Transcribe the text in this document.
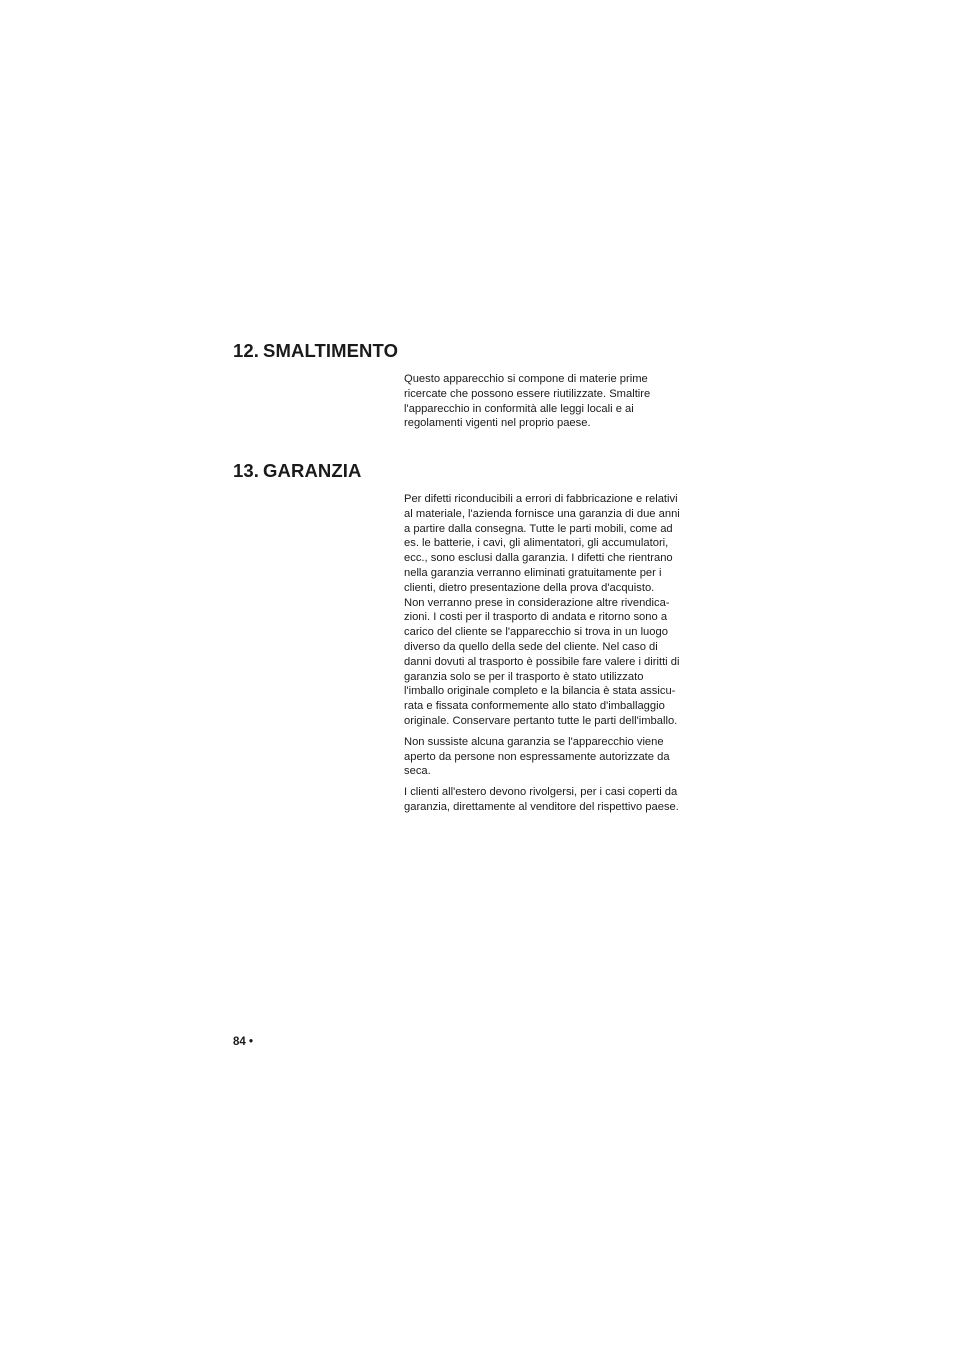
12. SMALTIMENTO

Questo apparecchio si compone di materie prime
ricercate che possono essere riutilizzate. Smaltire
l'apparecchio in conformità alle leggi locali e ai
regolamenti vigenti nel proprio paese.

13. GARANZIA

Per difetti riconducibili a errori di fabbricazione e relativi
al materiale, l'azienda fornisce una garanzia di due anni
a partire dalla consegna. Tutte le parti mobili, come ad
es. le batterie, i cavi, gli alimentatori, gli accumulatori,
ecc., sono esclusi dalla garanzia. I difetti che rientrano
nella garanzia verranno eliminati gratuitamente per i
clienti, dietro presentazione della prova d'acquisto.
Non verranno prese in considerazione altre rivendica-
zioni. I costi per il trasporto di andata e ritorno sono a
carico del cliente se l'apparecchio si trova in un luogo
diverso da quello della sede del cliente. Nel caso di
danni dovuti al trasporto è possibile fare valere i diritti di
garanzia solo se per il trasporto è stato utilizzato
l'imballo originale completo e la bilancia è stata assicu-
rata e fissata conformemente allo stato d'imballaggio
originale. Conservare pertanto tutte le parti dell'imballo.

Non sussiste alcuna garanzia se l'apparecchio viene
aperto da persone non espressamente autorizzate da
seca.

I clienti all'estero devono rivolgersi, per i casi coperti da
garanzia, direttamente al venditore del rispettivo paese.

84 •
